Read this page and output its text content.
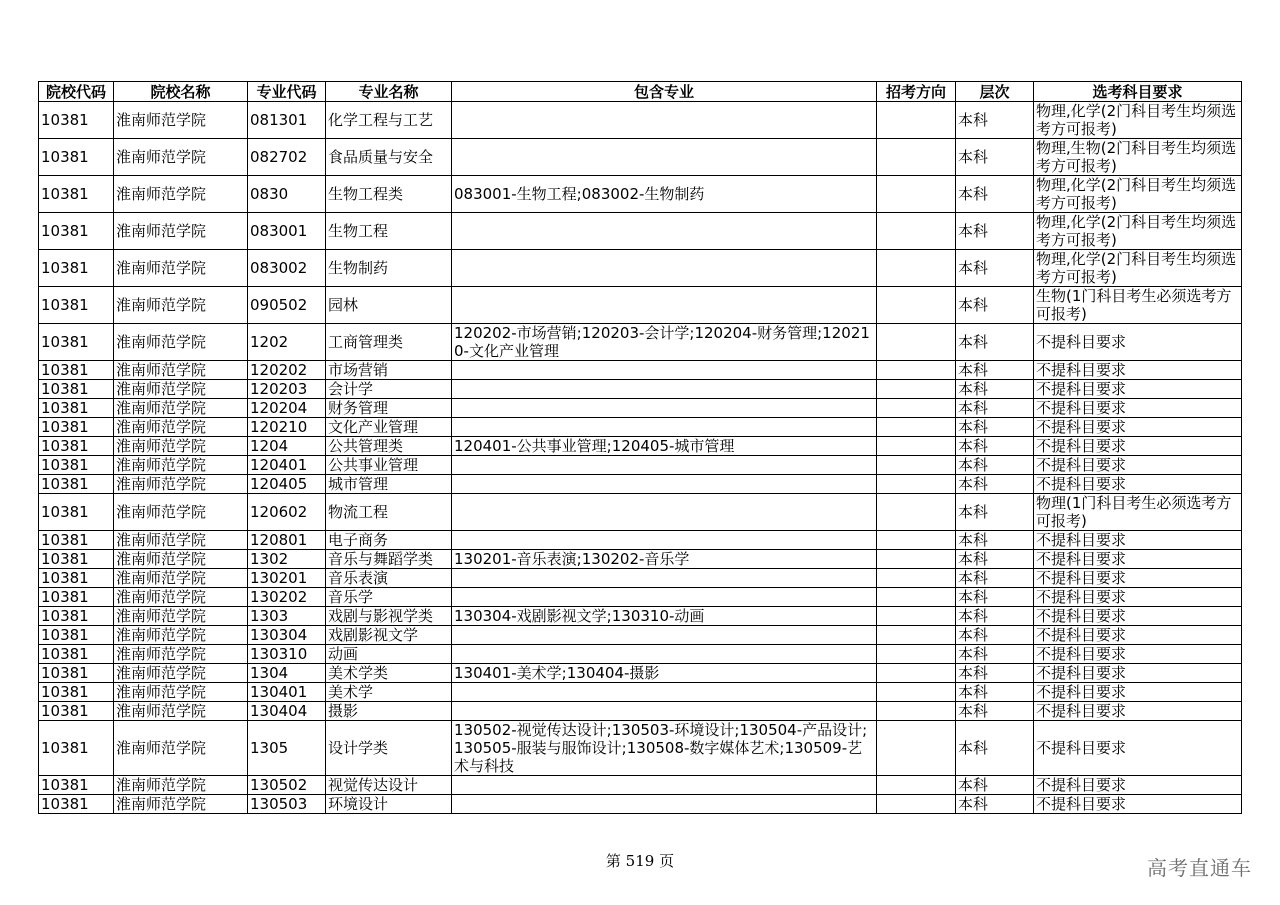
院校代码	院校名称	专业代码	专业名称	包含专业	招考方向	层次	选考科目要求
10381	淮南师范学院	081301	化学工程与工艺			本科	物理,化学(2门科目考生均须选考方可报考)
10381	淮南师范学院	082702	食品质量与安全			本科	物理,生物(2门科目考生均须选考方可报考)
10381	淮南师范学院	0830	生物工程类	083001-生物工程;083002-生物制药		本科	物理,化学(2门科目考生均须选考方可报考)
10381	淮南师范学院	083001	生物工程			本科	物理,化学(2门科目考生均须选考方可报考)
10381	淮南师范学院	083002	生物制药			本科	物理,化学(2门科目考生均须选考方可报考)
10381	淮南师范学院	090502	园林			本科	生物(1门科目考生必须选考方可报考)
10381	淮南师范学院	1202	工商管理类	120202-市场营销;120203-会计学;120204-财务管理;120210-文化产业管理		本科	不提科目要求
10381	淮南师范学院	120202	市场营销			本科	不提科目要求
10381	淮南师范学院	120203	会计学			本科	不提科目要求
10381	淮南师范学院	120204	财务管理			本科	不提科目要求
10381	淮南师范学院	120210	文化产业管理			本科	不提科目要求
10381	淮南师范学院	1204	公共管理类	120401-公共事业管理;120405-城市管理		本科	不提科目要求
10381	淮南师范学院	120401	公共事业管理			本科	不提科目要求
10381	淮南师范学院	120405	城市管理			本科	不提科目要求
10381	淮南师范学院	120602	物流工程			本科	物理(1门科目考生必须选考方可报考)
10381	淮南师范学院	120801	电子商务			本科	不提科目要求
10381	淮南师范学院	1302	音乐与舞蹈学类	130201-音乐表演;130202-音乐学		本科	不提科目要求
10381	淮南师范学院	130201	音乐表演			本科	不提科目要求
10381	淮南师范学院	130202	音乐学			本科	不提科目要求
10381	淮南师范学院	1303	戏剧与影视学类	130304-戏剧影视文学;130310-动画		本科	不提科目要求
10381	淮南师范学院	130304	戏剧影视文学			本科	不提科目要求
10381	淮南师范学院	130310	动画			本科	不提科目要求
10381	淮南师范学院	1304	美术学类	130401-美术学;130404-摄影		本科	不提科目要求
10381	淮南师范学院	130401	美术学			本科	不提科目要求
10381	淮南师范学院	130404	摄影			本科	不提科目要求
10381	淮南师范学院	1305	设计学类	130502-视觉传达设计;130503-环境设计;130504-产品设计;130505-服装与服饰设计;130508-数字媒体艺术;130509-艺术与科技		本科	不提科目要求
10381	淮南师范学院	130502	视觉传达设计			本科	不提科目要求
10381	淮南师范学院	130503	环境设计			本科	不提科目要求
第 519 页	高考直通车
